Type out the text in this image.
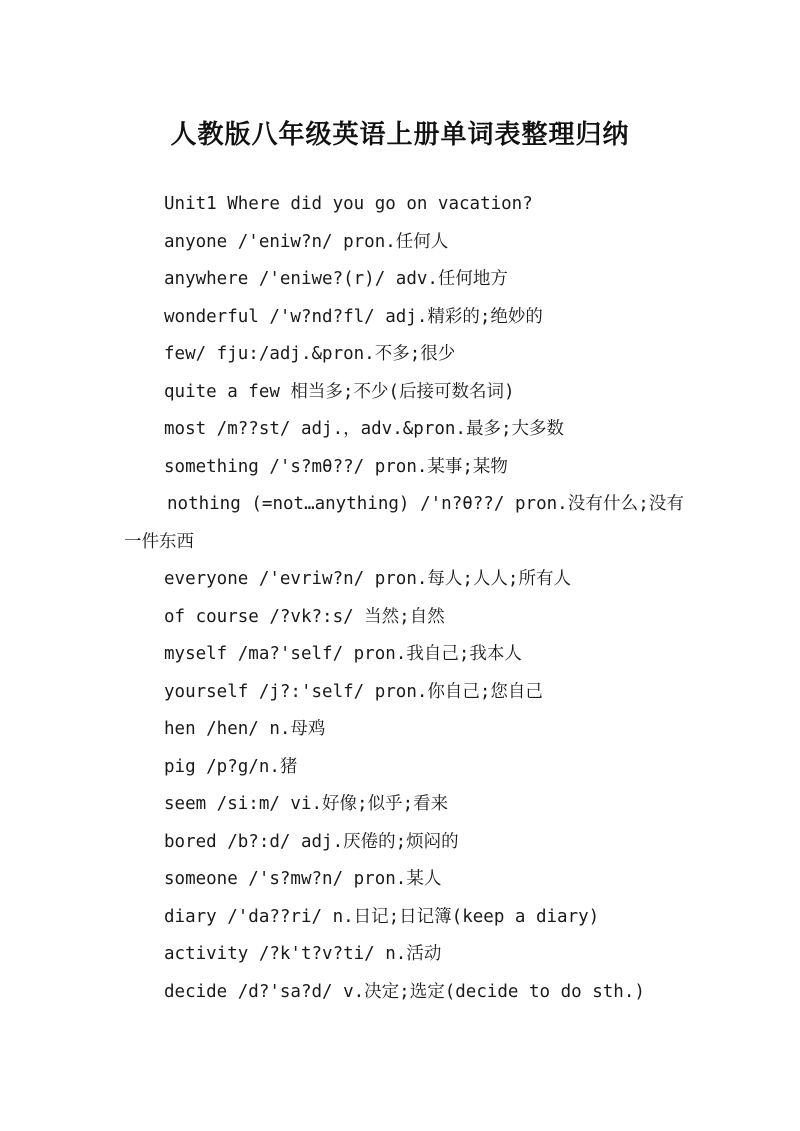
人教版八年级英语上册单词表整理归纳
Unit1 Where did you go on vacation?
anyone /'eniw?n/ pron.任何人
anywhere /'eniwe?(r)/ adv.任何地方
wonderful /'w?nd?fl/ adj.精彩的;绝妙的
few/ fju:/adj.&pron.不多;很少
quite a few 相当多;不少(后接可数名词)
most /m??st/ adj.，adv.&pron.最多;大多数
something /'s?mθ??/ pron.某事;某物
nothing (=not…anything) /'n?θ??/ pron.没有什么;没有一件东西
everyone /'evriw?n/ pron.每人;人人;所有人
of course /?vk?:s/ 当然;自然
myself /ma?'self/ pron.我自己;我本人
yourself /j?:'self/ pron.你自己;您自己
hen /hen/ n.母鸡
pig /p?g/n.猪
seem /si:m/ vi.好像;似乎;看来
bored /b?:d/ adj.厌倦的;烦闷的
someone /'s?mw?n/ pron.某人
diary /'da??ri/ n.日记;日记簿(keep a diary)
activity /?k't?v?ti/ n.活动
decide /d?'sa?d/ v.决定;选定(decide to do sth.)
